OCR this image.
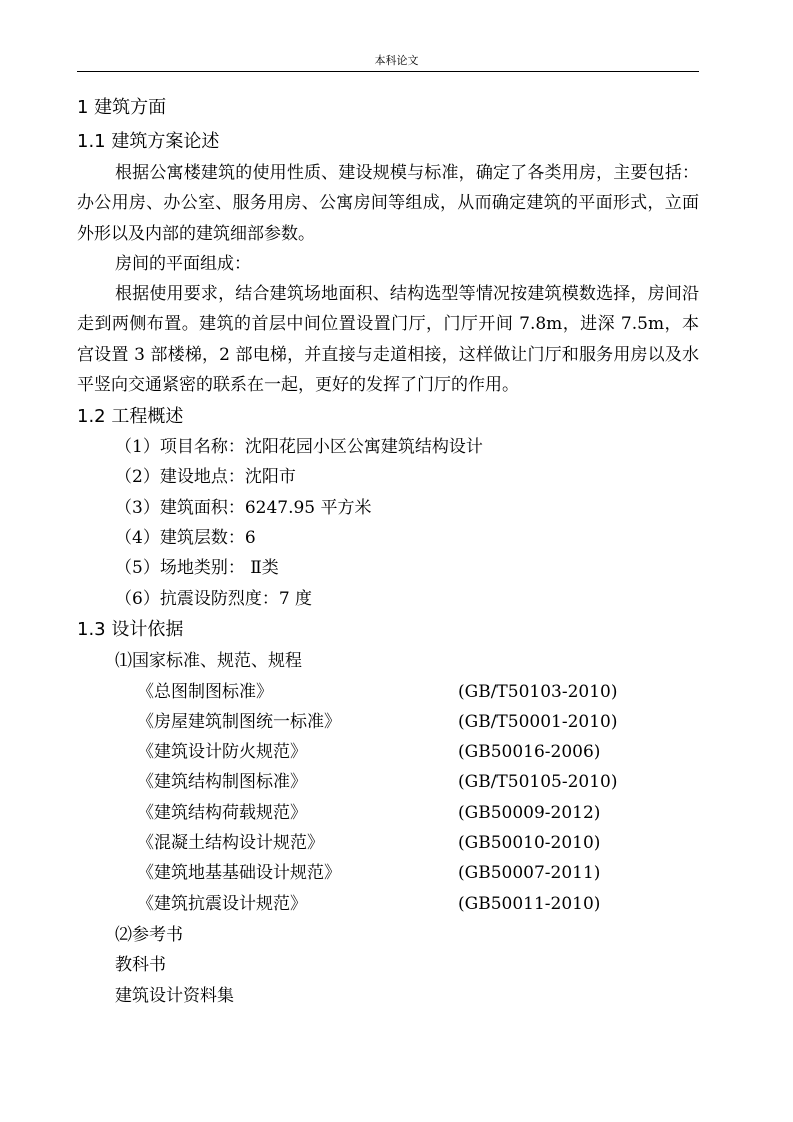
本科论文
1 建筑方面
1.1 建筑方案论述
根据公寓楼建筑的使用性质、建设规模与标准，确定了各类用房，主要包括：办公用房、办公室、服务用房、公寓房间等组成，从而确定建筑的平面形式，立面外形以及内部的建筑细部参数。
房间的平面组成：
根据使用要求，结合建筑场地面积、结构选型等情况按建筑模数选择，房间沿走到两侧布置。建筑的首层中间位置设置门厅，门厅开间 7.8m，进深 7.5m，本宫设置 3 部楼梯，2 部电梯，并直接与走道相接，这样做让门厅和服务用房以及水平竖向交通紧密的联系在一起，更好的发挥了门厅的作用。
1.2 工程概述
（1）项目名称：沈阳花园小区公寓建筑结构设计
（2）建设地点：沈阳市
（3）建筑面积：6247.95 平方米
（4）建筑层数：6
（5）场地类别： Ⅱ类
（6）抗震设防烈度：7 度
1.3 设计依据
⑴国家标准、规范、规程
《总图制图标准》	(GB/T50103-2010)
《房屋建筑制图统一标准》	(GB/T50001-2010)
《建筑设计防火规范》	(GB50016-2006)
《建筑结构制图标准》	(GB/T50105-2010)
《建筑结构荷载规范》	(GB50009-2012)
《混凝土结构设计规范》	(GB50010-2010)
《建筑地基基础设计规范》	(GB50007-2011)
《建筑抗震设计规范》	(GB50011-2010)
⑵参考书
教科书
建筑设计资料集
